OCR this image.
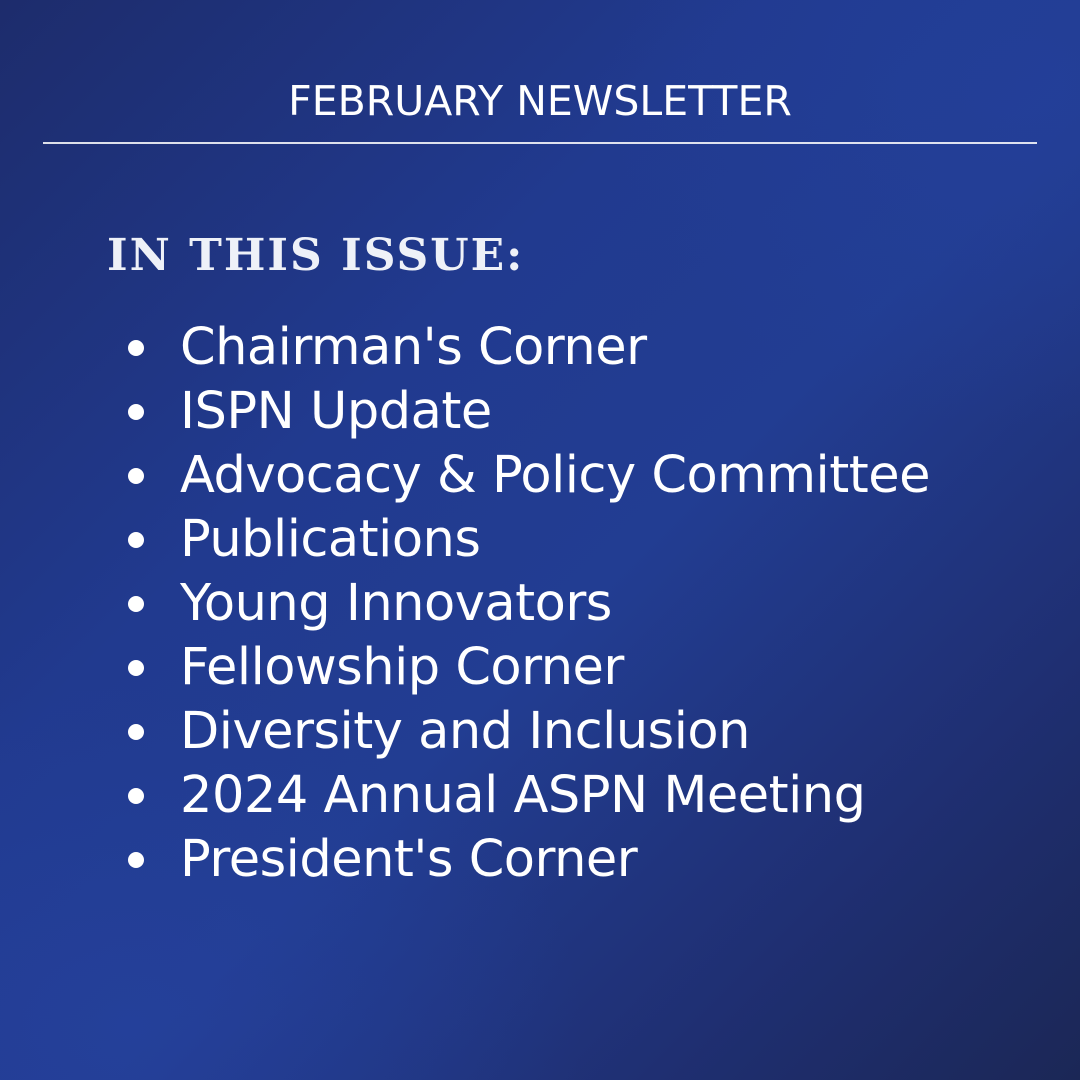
FEBRUARY NEWSLETTER
IN THIS ISSUE:
Chairman's Corner
ISPN Update
Advocacy & Policy Committee
Publications
Young Innovators
Fellowship Corner
Diversity and Inclusion
2024 Annual ASPN Meeting
President's Corner
